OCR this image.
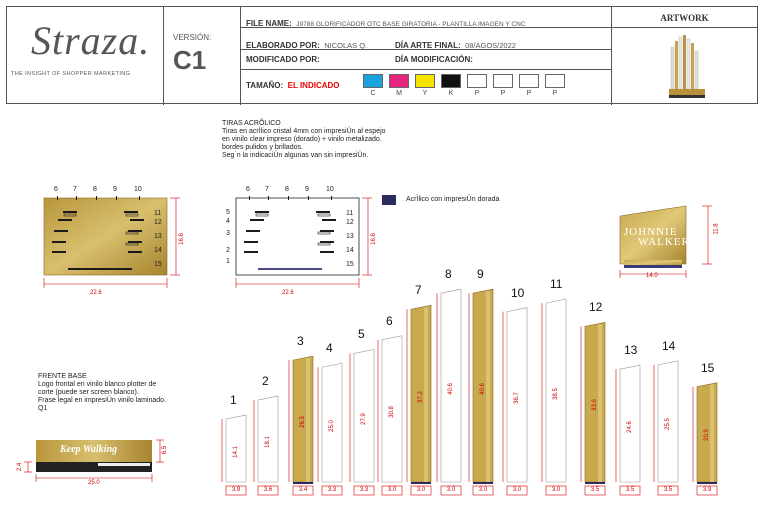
Straza.
THE INSIGHT OF SHOPPER MARKETING
VERSIÓN:
C1
FILE NAME: J9788 GLORIFICADOR OTC BASE GIRATORIA - PLANTILLA IMAGEN Y CNC
ARTWORK
ELABORADO POR: NICOLAS Q.	DÍA ARTE FINAL: 08/AGOS/2022
MODIFICADO POR:	DÍA MODIFICACIÓN:
TAMAÑO: EL INDICADO
C	M	Y	K	P	P	P	P
TIRAS ACRÕLICO
Tiras en acrÌlico cristal 4mm con impresiÛn al espejo
en vinilo clear impreso (dorado) + vinilo metalizado.
bordes pulidos y brillados.
Seg˙n la indicaciÛn algunas van sin impresiÛn.
AcrÌlico con impresiÛn dorada
FRENTE BASE
Logo frontal en vinilo blanco plotter de
corte (puede ser screen blanco).
Frase legal en impresiÛn vinilo laminado.
Q1
6 7 8 9 10
11
12
13
14
15
22.6
16.6
6 7 8 9 10
5
4
3
2
1
11
12
13
14
15
22.6
16.6
JOHNNIE
WALKER
14.0
11.8
Keep Walking
25.0
6.5
2.4
1
14.1
3.9
2
18.1
3.6
3
26.5
3.4
4
25.0
3.3
5
27.9
3.3
6
30.8
3.0
7
37.2
3.0
8
40.6
3.0
9
40.6
3.0
10
36.7
3.0
11
38.5
3.0
12
33.6
3.5
13
24.6
3.5
14
25.5
3.5
15
20.9
3.9
